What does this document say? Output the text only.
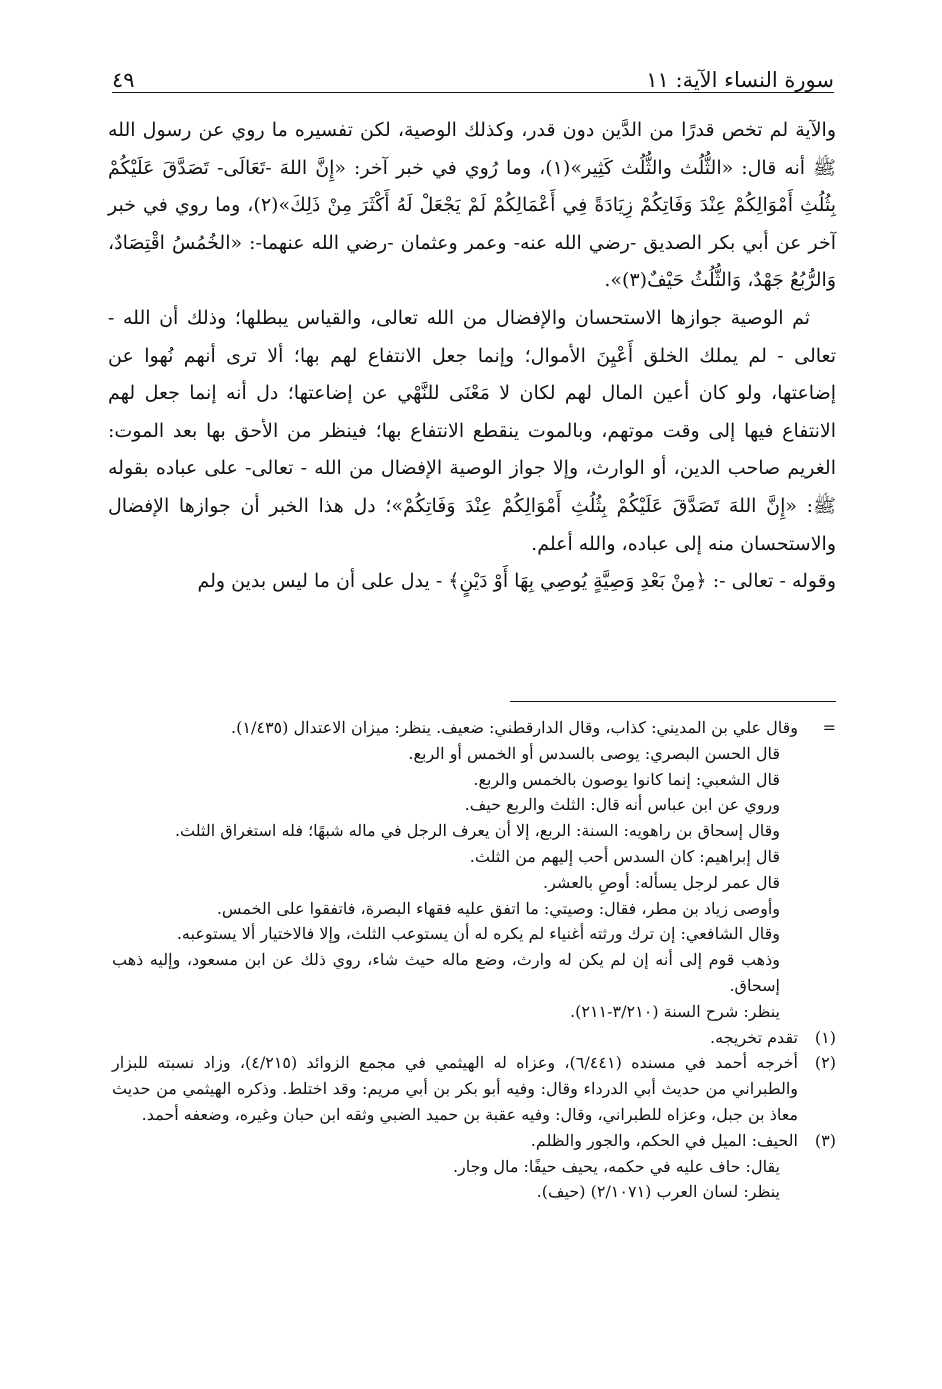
سورة النساء الآية: ١١
٤٩

والآية لم تخص قدرًا من الدَّين دون قدر، وكذلك الوصية، لكن تفسيره ما روي عن رسول الله ﷺ أنه قال: «الثُّلُث والثُّلُث كَثِير»(١)، وما رُوي في خبر آخر: «إِنَّ اللهَ -تَعَالَى- تَصَدَّقَ عَلَيْكُمْ بِثُلُثِ أَمْوَالِكُمْ عِنْدَ وَفَاتِكُمْ زِيَادَةً فِي أَعْمَالِكُمْ لَمْ يَجْعَلْ لَهُ أَكْثَرَ مِنْ ذَلِكَ»(٢)، وما روي في خبر آخر عن أبي بكر الصديق -رضي الله عنه- وعمر وعثمان -رضي الله عنهما-: «الخُمُسُ اقْتِصَادٌ، وَالرُّبُعُ جَهْدٌ، وَالثُّلُثُ حَيْفٌ(٣)».

ثم الوصية جوازها الاستحسان والإفضال من الله تعالى، والقياس يبطلها؛ وذلك أن الله - تعالى - لم يملك الخلق أَعْيِنَ الأموال؛ وإنما جعل الانتفاع لهم بها؛ ألا ترى أنهم نُهوا عن إضاعتها، ولو كان أعين المال لهم لكان لا مَعْنَى للنَّهْي عن إضاعتها؛ دل أنه إنما جعل لهم الانتفاع فيها إلى وقت موتهم، وبالموت ينقطع الانتفاع بها؛ فينظر من الأحق بها بعد الموت: الغريم صاحب الدين، أو الوارث، وإلا جواز الوصية الإفضال من الله - تعالى- على عباده بقوله ﷺ: «إِنَّ اللهَ تَصَدَّقَ عَلَيْكُمْ بِثُلُثِ أَمْوَالِكُمْ عِنْدَ وَفَاتِكُمْ»؛ دل هذا الخبر أن جوازها الإفضال والاستحسان منه إلى عباده، والله أعلم.

وقوله - تعالى -: ﴿مِنْ بَعْدِ وَصِيَّةٍ يُوصِي بِهَا أَوْ دَيْنٍ﴾ - يدل على أن ما ليس بدين ولم

=
وقال علي بن المديني: كذاب، وقال الدارقطني: ضعيف. ينظر: ميزان الاعتدال (١/٤٣٥).
قال الحسن البصري: يوصى بالسدس أو الخمس أو الربع.
قال الشعبي: إنما كانوا يوصون بالخمس والربع.
وروي عن ابن عباس أنه قال: الثلث والربع حيف.
وقال إسحاق بن راهويه: السنة: الربع، إلا أن يعرف الرجل في ماله شبهًا؛ فله استغراق الثلث.
قال إبراهيم: كان السدس أحب إليهم من الثلث.
قال عمر لرجل يسأله: أوصِ بالعشر.
وأوصى زياد بن مطر، فقال: وصيتي: ما اتفق عليه فقهاء البصرة، فاتفقوا على الخمس.
وقال الشافعي: إن ترك ورثته أغنياء لم يكره له أن يستوعب الثلث، وإلا فالاختيار ألا يستوعبه.
وذهب قوم إلى أنه إن لم يكن له وارث، وضع ماله حيث شاء، روي ذلك عن ابن مسعود، وإليه ذهب إسحاق.
ينظر: شرح السنة (٣/٢١٠-٢١١).
(١)
تقدم تخريجه.
(٢)
أخرجه أحمد في مسنده (٦/٤٤١)، وعزاه له الهيثمي في مجمع الزوائد (٤/٢١٥)، وزاد نسبته للبزار والطبراني من حديث أبي الدرداء وقال: وفيه أبو بكر بن أبي مريم: وقد اختلط. وذكره الهيثمي من حديث معاذ بن جبل، وعزاه للطبراني، وقال: وفيه عقبة بن حميد الضبي وثقه ابن حبان وغيره، وضعفه أحمد.
(٣)
الحيف: الميل في الحكم، والجور والظلم.
يقال: حاف عليه في حكمه، يحيف حيفًا: مال وجار.
ينظر: لسان العرب (٢/١٠٧١) (حيف).
